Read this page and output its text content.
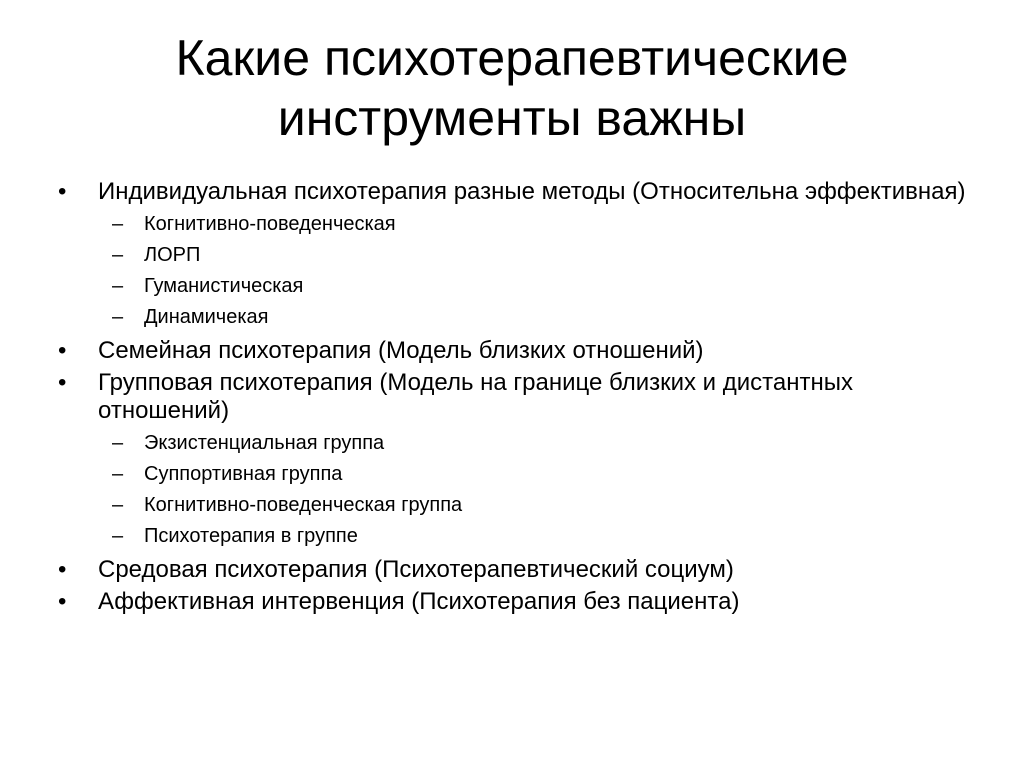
Какие психотерапевтические
инструменты важны
• Индивидуальная психотерапия разные методы (Относительна эффективная)
– Когнитивно-поведенческая
– ЛОРП
– Гуманистическая
– Динамичекая
• Семейная психотерапия (Модель близких отношений)
• Групповая психотерапия (Модель на границе близких и дистантных отношений)
– Экзистенциальная группа
– Суппортивная группа
– Когнитивно-поведенческая группа
– Психотерапия в группе
• Средовая психотерапия (Психотерапевтический социум)
• Аффективная интервенция (Психотерапия без пациента)
